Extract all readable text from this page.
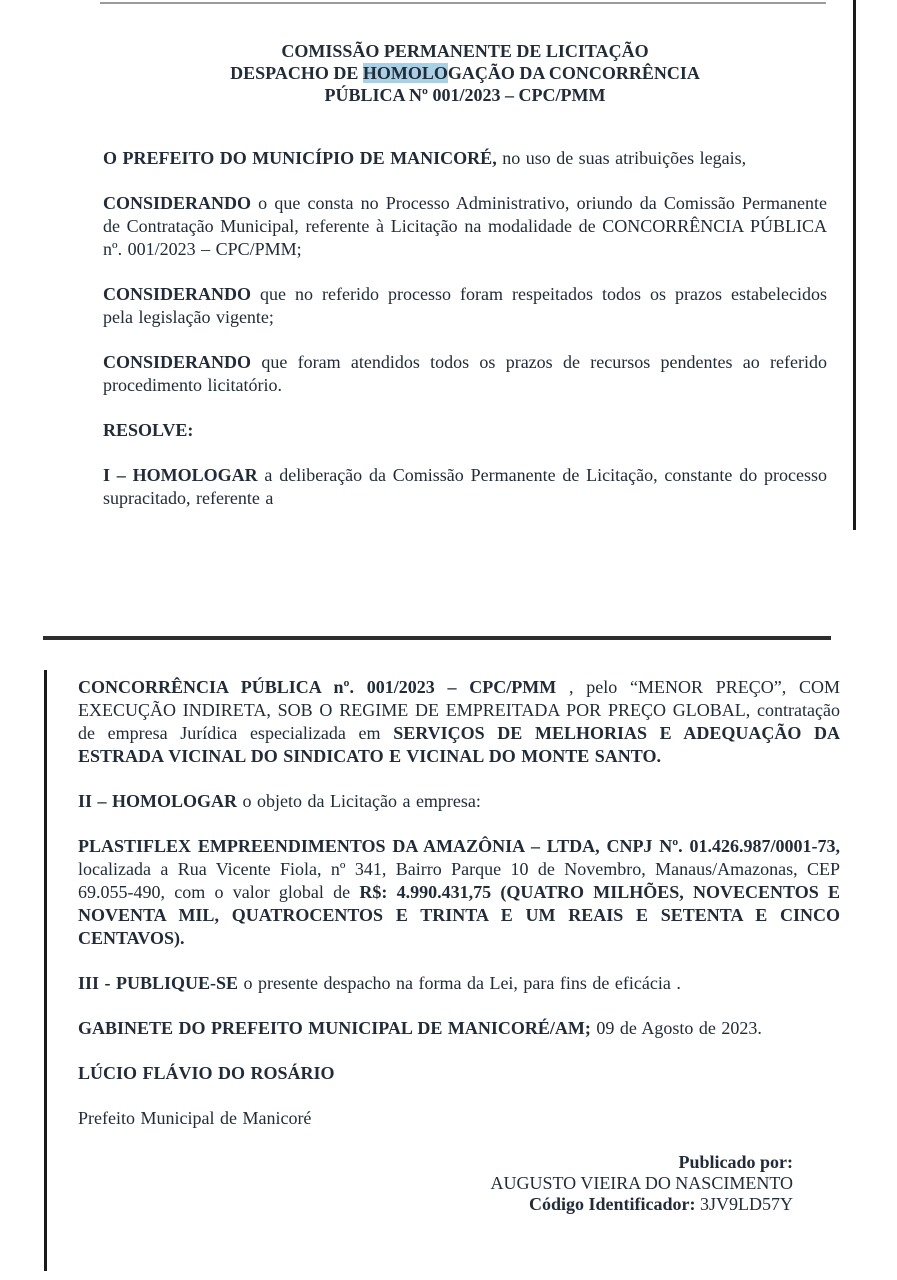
COMISSÃO PERMANENTE DE LICITAÇÃO
DESPACHO DE HOMOLOGAÇÃO DA CONCORRÊNCIA
PÚBLICA Nº 001/2023 – CPC/PMM
O PREFEITO DO MUNICÍPIO DE MANICORÉ, no uso de suas atribuições legais,
CONSIDERANDO o que consta no Processo Administrativo, oriundo da Comissão Permanente de Contratação Municipal, referente à Licitação na modalidade de CONCORRÊNCIA PÚBLICA nº. 001/2023 – CPC/PMM;
CONSIDERANDO que no referido processo foram respeitados todos os prazos estabelecidos pela legislação vigente;
CONSIDERANDO que foram atendidos todos os prazos de recursos pendentes ao referido procedimento licitatório.
RESOLVE:
I – HOMOLOGAR a deliberação da Comissão Permanente de Licitação, constante do processo supracitado, referente a
CONCORRÊNCIA PÚBLICA nº. 001/2023 – CPC/PMM , pelo “MENOR PREÇO”, COM EXECUÇÃO INDIRETA, SOB O REGIME DE EMPREITADA POR PREÇO GLOBAL, contratação de empresa Jurídica especializada em SERVIÇOS DE MELHORIAS E ADEQUAÇÃO DA ESTRADA VICINAL DO SINDICATO E VICINAL DO MONTE SANTO.
II – HOMOLOGAR o objeto da Licitação a empresa:
PLASTIFLEX EMPREENDIMENTOS DA AMAZÔNIA – LTDA, CNPJ Nº. 01.426.987/0001-73, localizada a Rua Vicente Fiola, nº 341, Bairro Parque 10 de Novembro, Manaus/Amazonas, CEP 69.055-490, com o valor global de R$: 4.990.431,75 (QUATRO MILHÕES, NOVECENTOS E NOVENTA MIL, QUATROCENTOS E TRINTA E UM REAIS E SETENTA E CINCO CENTAVOS).
III - PUBLIQUE-SE o presente despacho na forma da Lei, para fins de eficácia .
GABINETE DO PREFEITO MUNICIPAL DE MANICORÉ/AM; 09 de Agosto de 2023.
LÚCIO FLÁVIO DO ROSÁRIO
Prefeito Municipal de Manicoré
Publicado por:
AUGUSTO VIEIRA DO NASCIMENTO
Código Identificador: 3JV9LD57Y
